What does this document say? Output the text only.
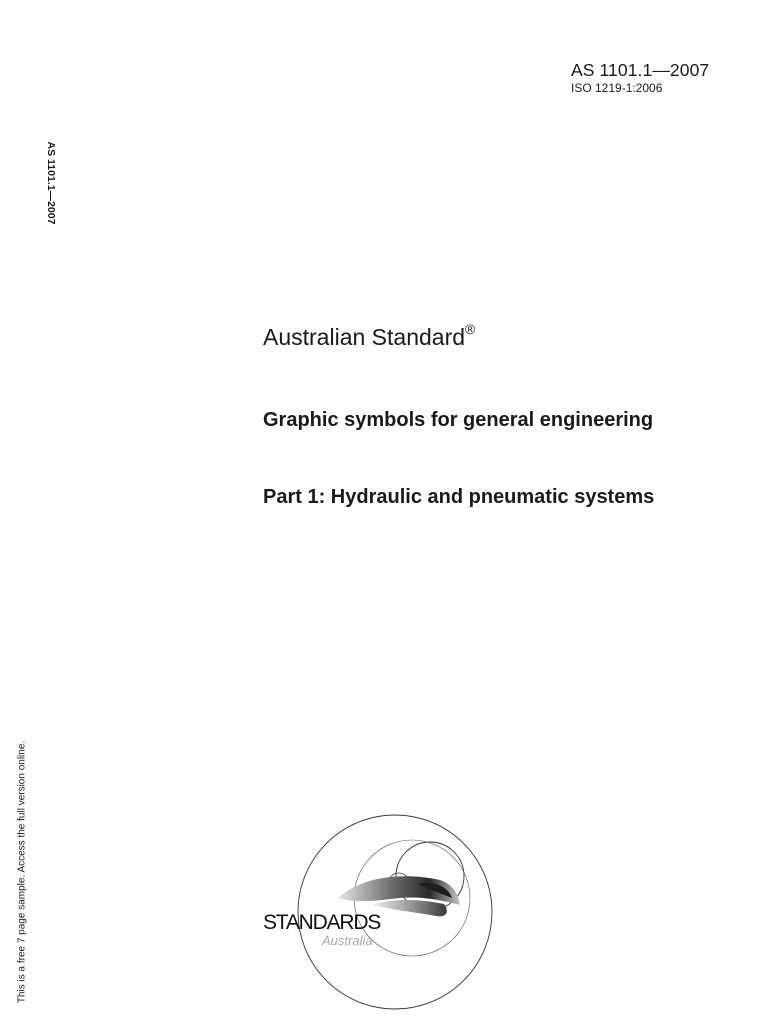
AS 1101.1—2007
ISO 1219-1:2006
AS 1101.1—2007
This is a free 7 page sample. Access the full version online.
Australian Standard®
Graphic symbols for general engineering
Part 1: Hydraulic and pneumatic systems
STANDARDS
Australia
